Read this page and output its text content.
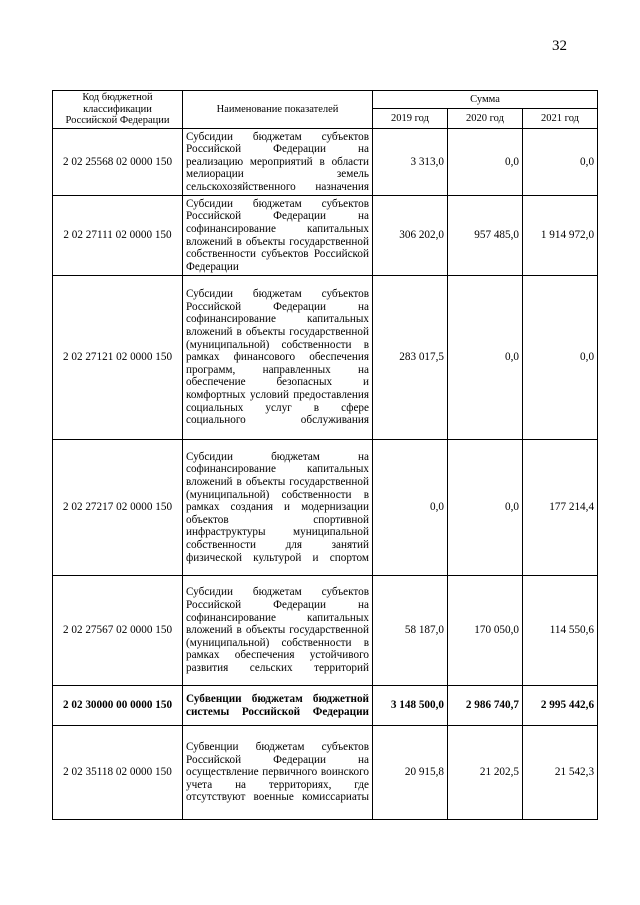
32
Код бюджетной классификации Российской Федерации	Наименование показателей	Сумма		
		2019 год	2020 год	2021 год
2 02 25568 02 0000 150	Субсидии бюджетам субъектов Российской Федерации на реализацию мероприятий в области мелиорации земель сельскохозяйственного назначения	3 313,0	0,0	0,0
2 02 27111 02 0000 150	Субсидии бюджетам субъектов Российской Федерации на софинансирование капитальных вложений в объекты государственной собственности субъектов Российской Федерации	306 202,0	957 485,0	1 914 972,0
2 02 27121 02 0000 150	Субсидии бюджетам субъектов Российской Федерации на софинансирование капитальных вложений в объекты государственной (муниципальной) собственности в рамках финансового обеспечения программ, направленных на обеспечение безопасных и комфортных условий предоставления социальных услуг в сфере социального обслуживания	283 017,5	0,0	0,0
2 02 27217 02 0000 150	Субсидии бюджетам на софинансирование капитальных вложений в объекты государственной (муниципальной) собственности в рамках создания и модернизации объектов спортивной инфраструктуры муниципальной собственности для занятий физической культурой и спортом	0,0	0,0	177 214,4
2 02 27567 02 0000 150	Субсидии бюджетам субъектов Российской Федерации на софинансирование капитальных вложений в объекты государственной (муниципальной) собственности в рамках обеспечения устойчивого развития сельских территорий	58 187,0	170 050,0	114 550,6
2 02 30000 00 0000 150	Субвенции бюджетам бюджетной системы Российской Федерации	3 148 500,0	2 986 740,7	2 995 442,6
2 02 35118 02 0000 150	Субвенции бюджетам субъектов Российской Федерации на осуществление первичного воинского учета на территориях, где отсутствуют военные комиссариаты	20 915,8	21 202,5	21 542,3
